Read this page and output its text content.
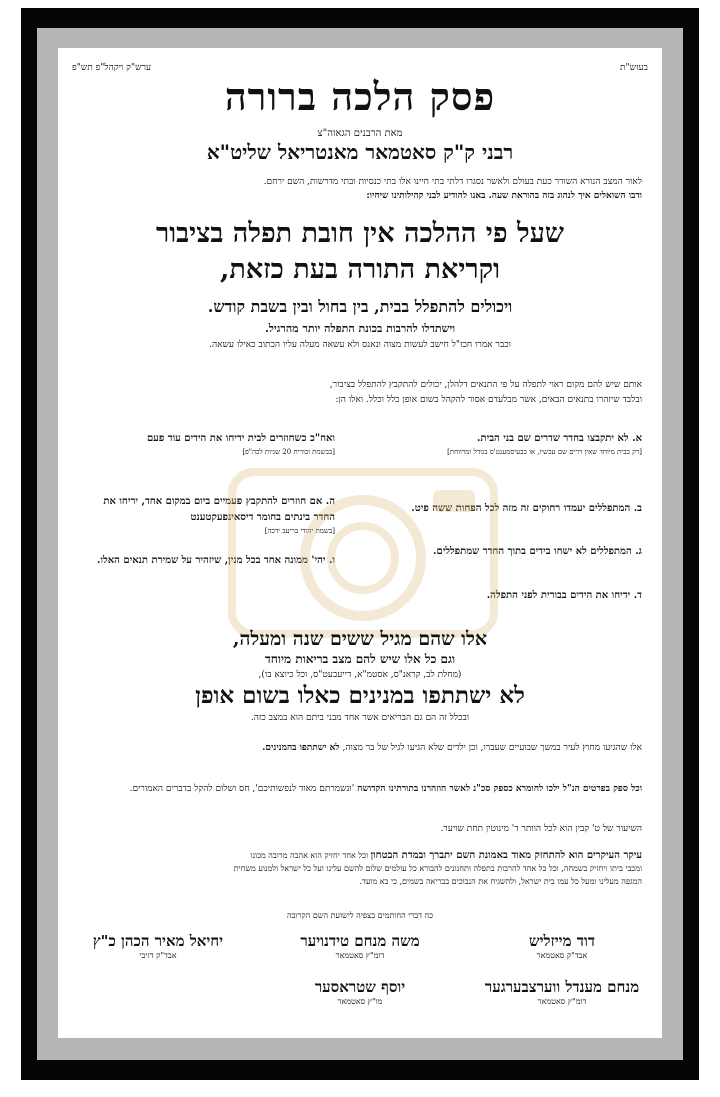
בעזש"ת
ערש"ק ויקהל"פ תש"פ
פסק הלכה ברורה
מאת הרבנים הגאוה"צ
רבני ק"ק סאטמאר מאנטריאל שליט"א
לאור המצב הנורא השורר כעת בעולם ולאשר נסגרו דלתי בתי חיינו אלו בתי כנסיות ובתי מדרשות, השם ירחם.
ודבו השואלים איך לנהוג בזה בהוראת שעה. באנו להודיע לבני קהילותינו שיחיו:
שעל פי ההלכה אין חובת תפלה בציבור
וקריאת התורה בעת כזאת,
ויכולים להתפלל בבית, בין בחול ובין בשבת קודש.
וישתדלו להרבות בכונת התפלה יותר מהרגיל.
וכבר אמרו חכז"ל חישב לעשות מצוה ונאנס ולא עשאה מעלה עליו הכתוב כאילו עשאה.
אותם שיש להם מקום ראוי לתפלה על פי התנאים דלהלן, יכולים להתקבץ להתפלל בציבור,
ובלבד שיזהרו בתנאים הבאים, אשר מבלעדם אסור להקהל בשום אופן כלל וכלל. ואלו הן:
א. לא יתקבצו בחדר שדרים שם בני הבית.
[רק בבית מיוחד שאין דרים שם עכשיו, או בבעיסמענט'ס בגודל ומרווחת]
ב. המתפללים יעמדו רחוקים זה מזה לכל הפחות ששה פיט.
ג. המתפללים לא ישחו בידים בתוך החדר שמתפללים.
ד. ידיחו את הידים בבורית לפני התפלה.
ואח"כ כשחוזרים לבית ידיחו את הידים עוד פעם
[בבשמת ובורית 20 שניות לכה"פ]
ה. אם חוזרים להתקבץ פעמיים ביום במקום אחד, יריחו את החדר בינתים בחומר דיסאינפעקטענט
[בשמת יהודי בריעב ידכה]
ו. יהי' ממונה אחד בכל מנין, שיזהיר על שמירת תנאים האלו.
אלו שהם מגיל ששים שנה ומעלה,
וגם כל אלו שיש להם מצב בריאות מיוחד
(מחלת לב, קראנ"ס, אסטמ"א, דייעבעט"ס, וכל כיוצא בו),
לא ישתתפו במנינים כאלו בשום אופן
ובכלל זה הם גם הבריאים אשר אחד מבני ביתם הוא במצב כזה.
אלו שהגיעו מחוץ לעיר במשך שבועיים שעברו, וכן ילדים שלא הגיעו לגיל של בר מצוה, לא ישתתפו בהמנינים.
וכל ספק בפרטים הנ"ל ילכו לחומרא כספק סכ"נ לאשר הוזהרנו בתורתינו הקדושה 'ונשמרתם מאוד לנפשותיכם', חס ושלום להקל בדברים האמורים.
השיעור של ט' קבין הוא לכל הוותר ד' מינוטין תחת שויער.
עיקר העיקרים הוא להתחזק מאוד באמונת השם יתברך ובמדת הבטחון וכל אחד יחזיק הוא אהבה מרובה מכונו
ומכבי ביתו ויחזיק בשמחה, וכל כל אחד להרבות בתפלה ותחנונים להבורא כל עולמים שלום להשם עלינו ועל כל ישראל ולמנוע משחית
המגפה מעלינו ומעל כל עמו בית ישראל, ולהשגיח את הנבוכים בבריאה בשמים, כי בא מועד.
כה דברי החותמים בצפיה לישועת השם הקרובה
דוד מייזליש
אבד"ק סאטמאר
משה מנחם טידנויער
דומ"ץ סאטמאר
יחיאל מאיר הכהן כ"ץ
אבד"ק דזיבי
מנחם מענדל ווערצבערגער
דומ"ץ סאטמאר
יוסף שטראסער
מו"ץ סאטמאר
